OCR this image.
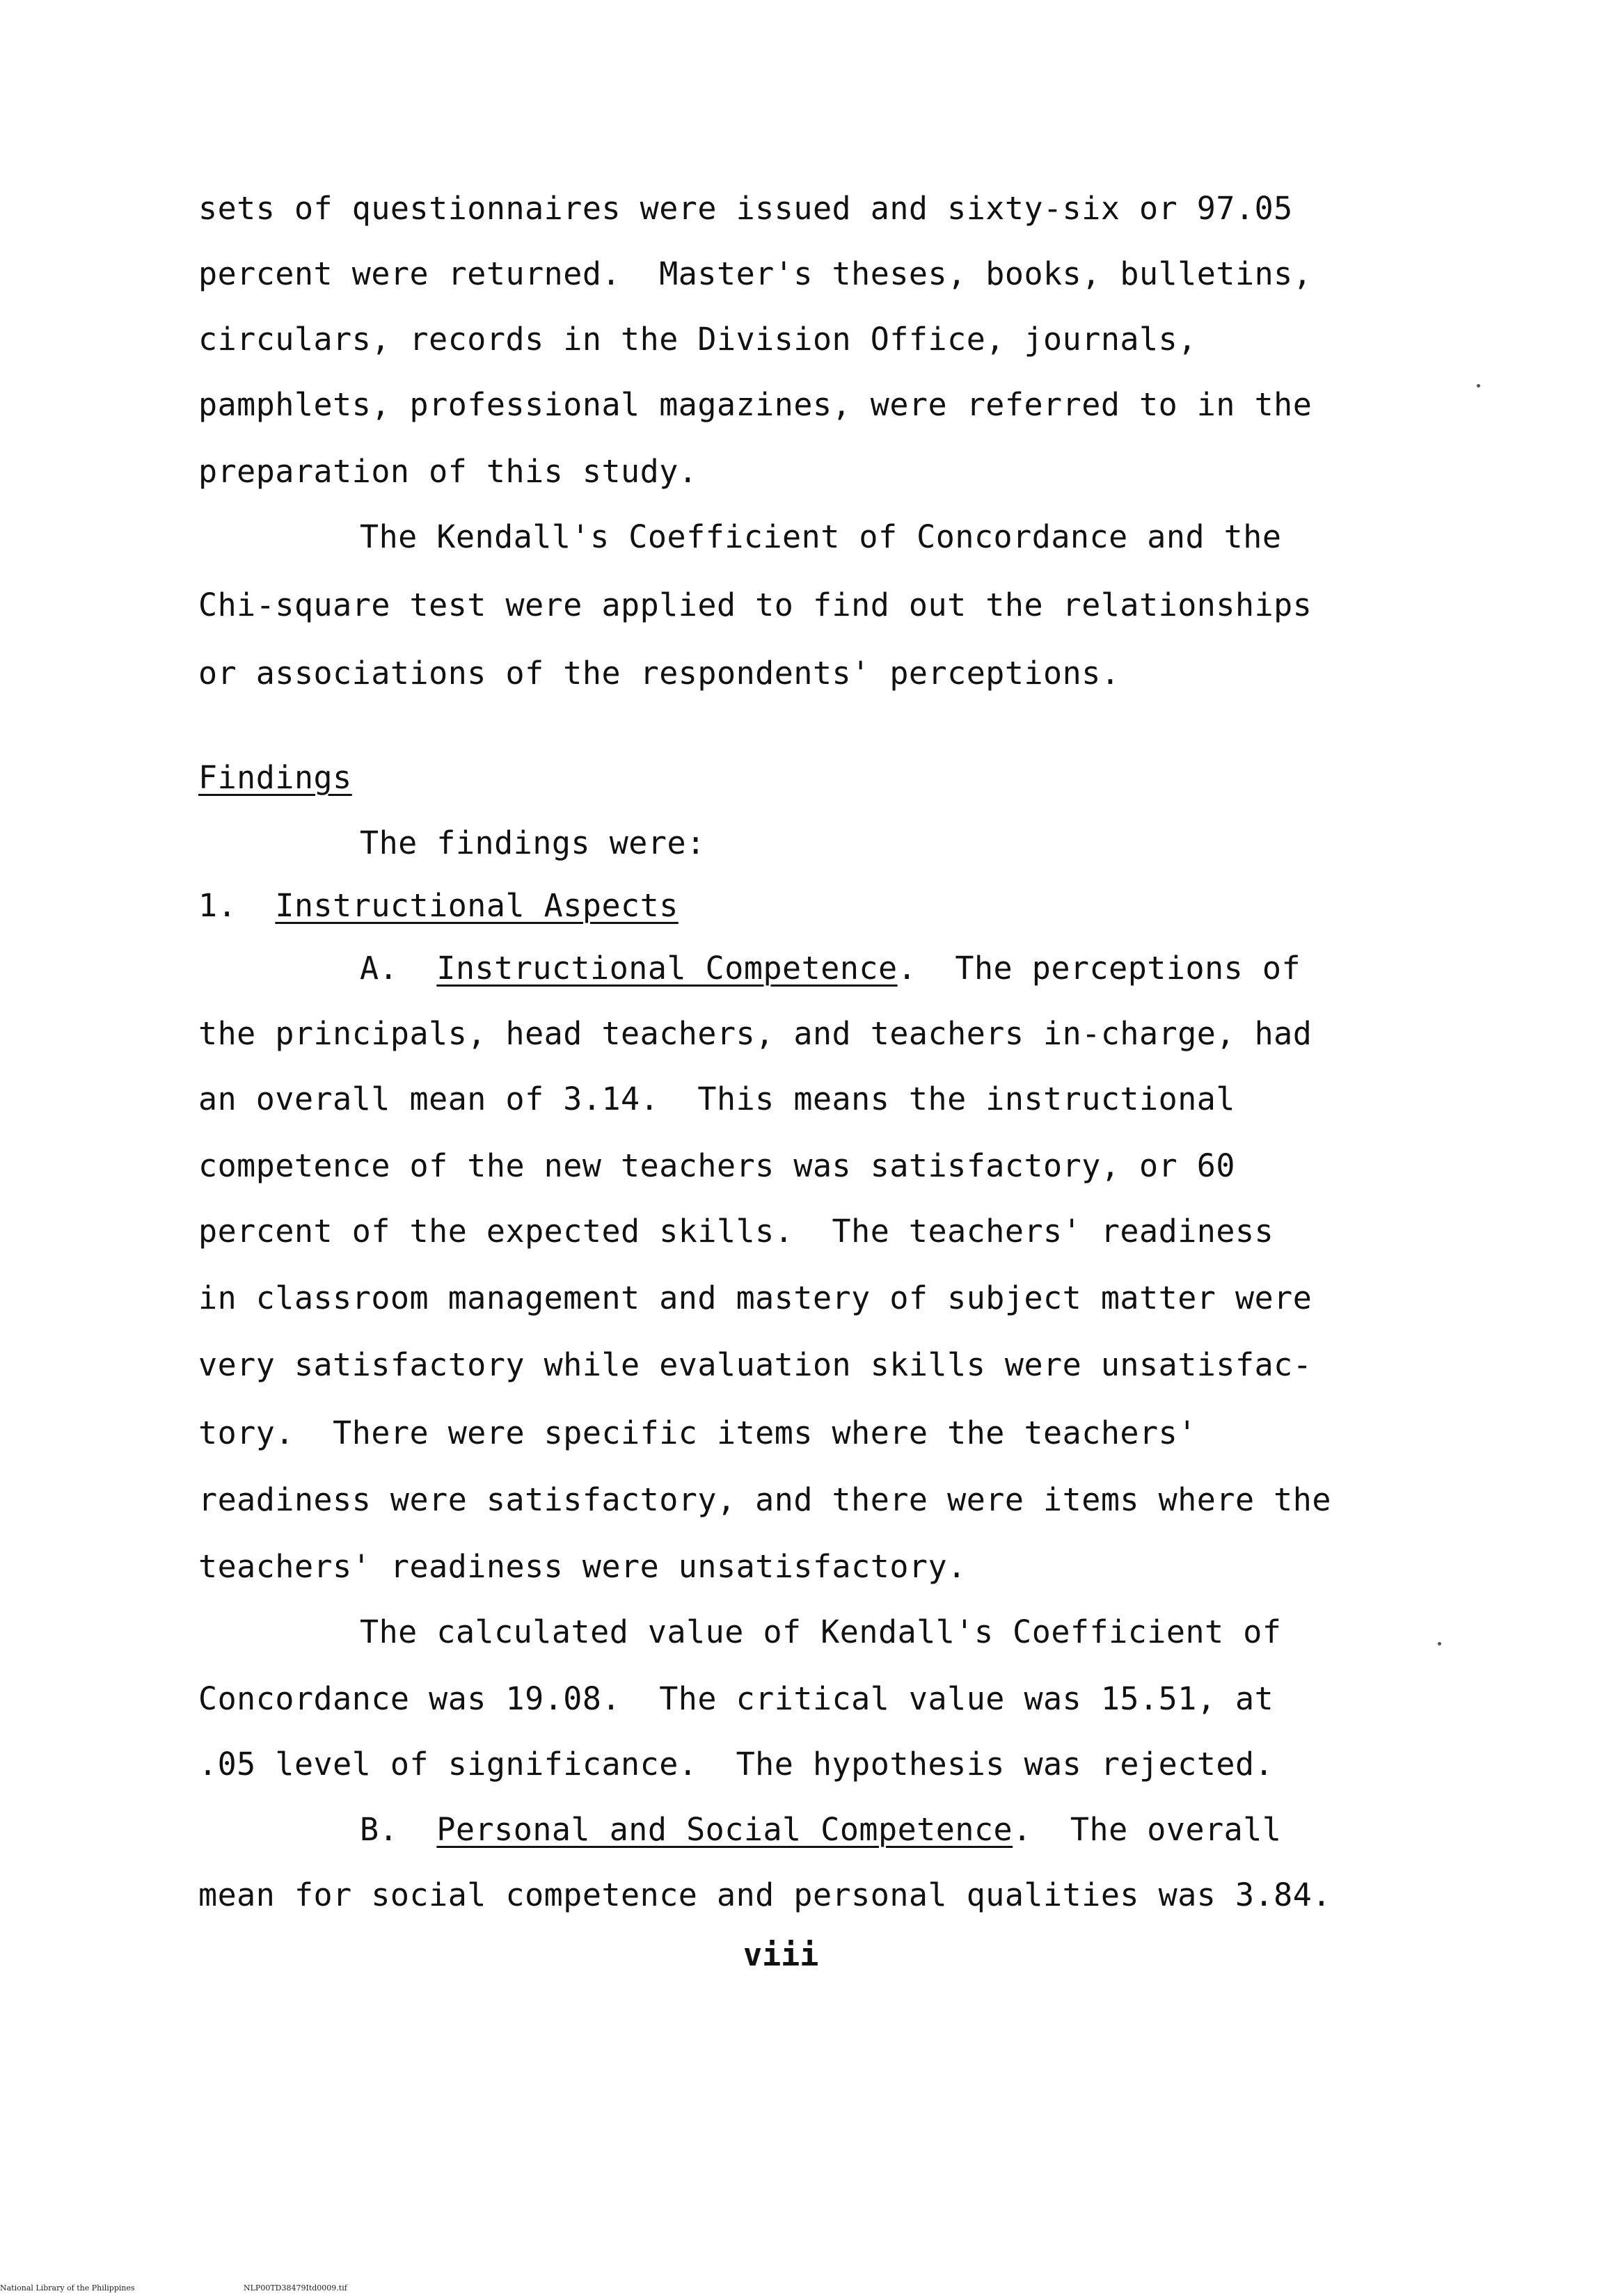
sets of questionnaires were issued and sixty-six or 97.05
percent were returned.  Master's theses, books, bulletins,
circulars, records in the Division Office, journals,
pamphlets, professional magazines, were referred to in the
preparation of this study.
The Kendall's Coefficient of Concordance and the
Chi-square test were applied to find out the relationships
or associations of the respondents' perceptions.
Findings
The findings were:
1. Instructional Aspects
A. Instructional Competence.  The perceptions of
the principals, head teachers, and teachers in-charge, had
an overall mean of 3.14.  This means the instructional
competence of the new teachers was satisfactory, or 60
percent of the expected skills.  The teachers' readiness
in classroom management and mastery of subject matter were
very satisfactory while evaluation skills were unsatisfac-
tory.  There were specific items where the teachers'
readiness were satisfactory, and there were items where the
teachers' readiness were unsatisfactory.
The calculated value of Kendall's Coefficient of
Concordance was 19.08.  The critical value was 15.51, at
.05 level of significance.  The hypothesis was rejected.
B. Personal and Social Competence.  The overall
mean for social competence and personal qualities was 3.84.
viii
National Library of the Philippines	NLP00TD38479Itd0009.tif
